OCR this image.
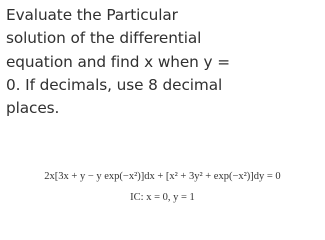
Evaluate the Particular
solution of the differential
equation and find x when y =
0. If decimals, use 8 decimal
places.
2x[3x + y − y exp(−x²)]dx + [x² + 3y² + exp(−x²)]dy = 0
IC: x = 0, y = 1
